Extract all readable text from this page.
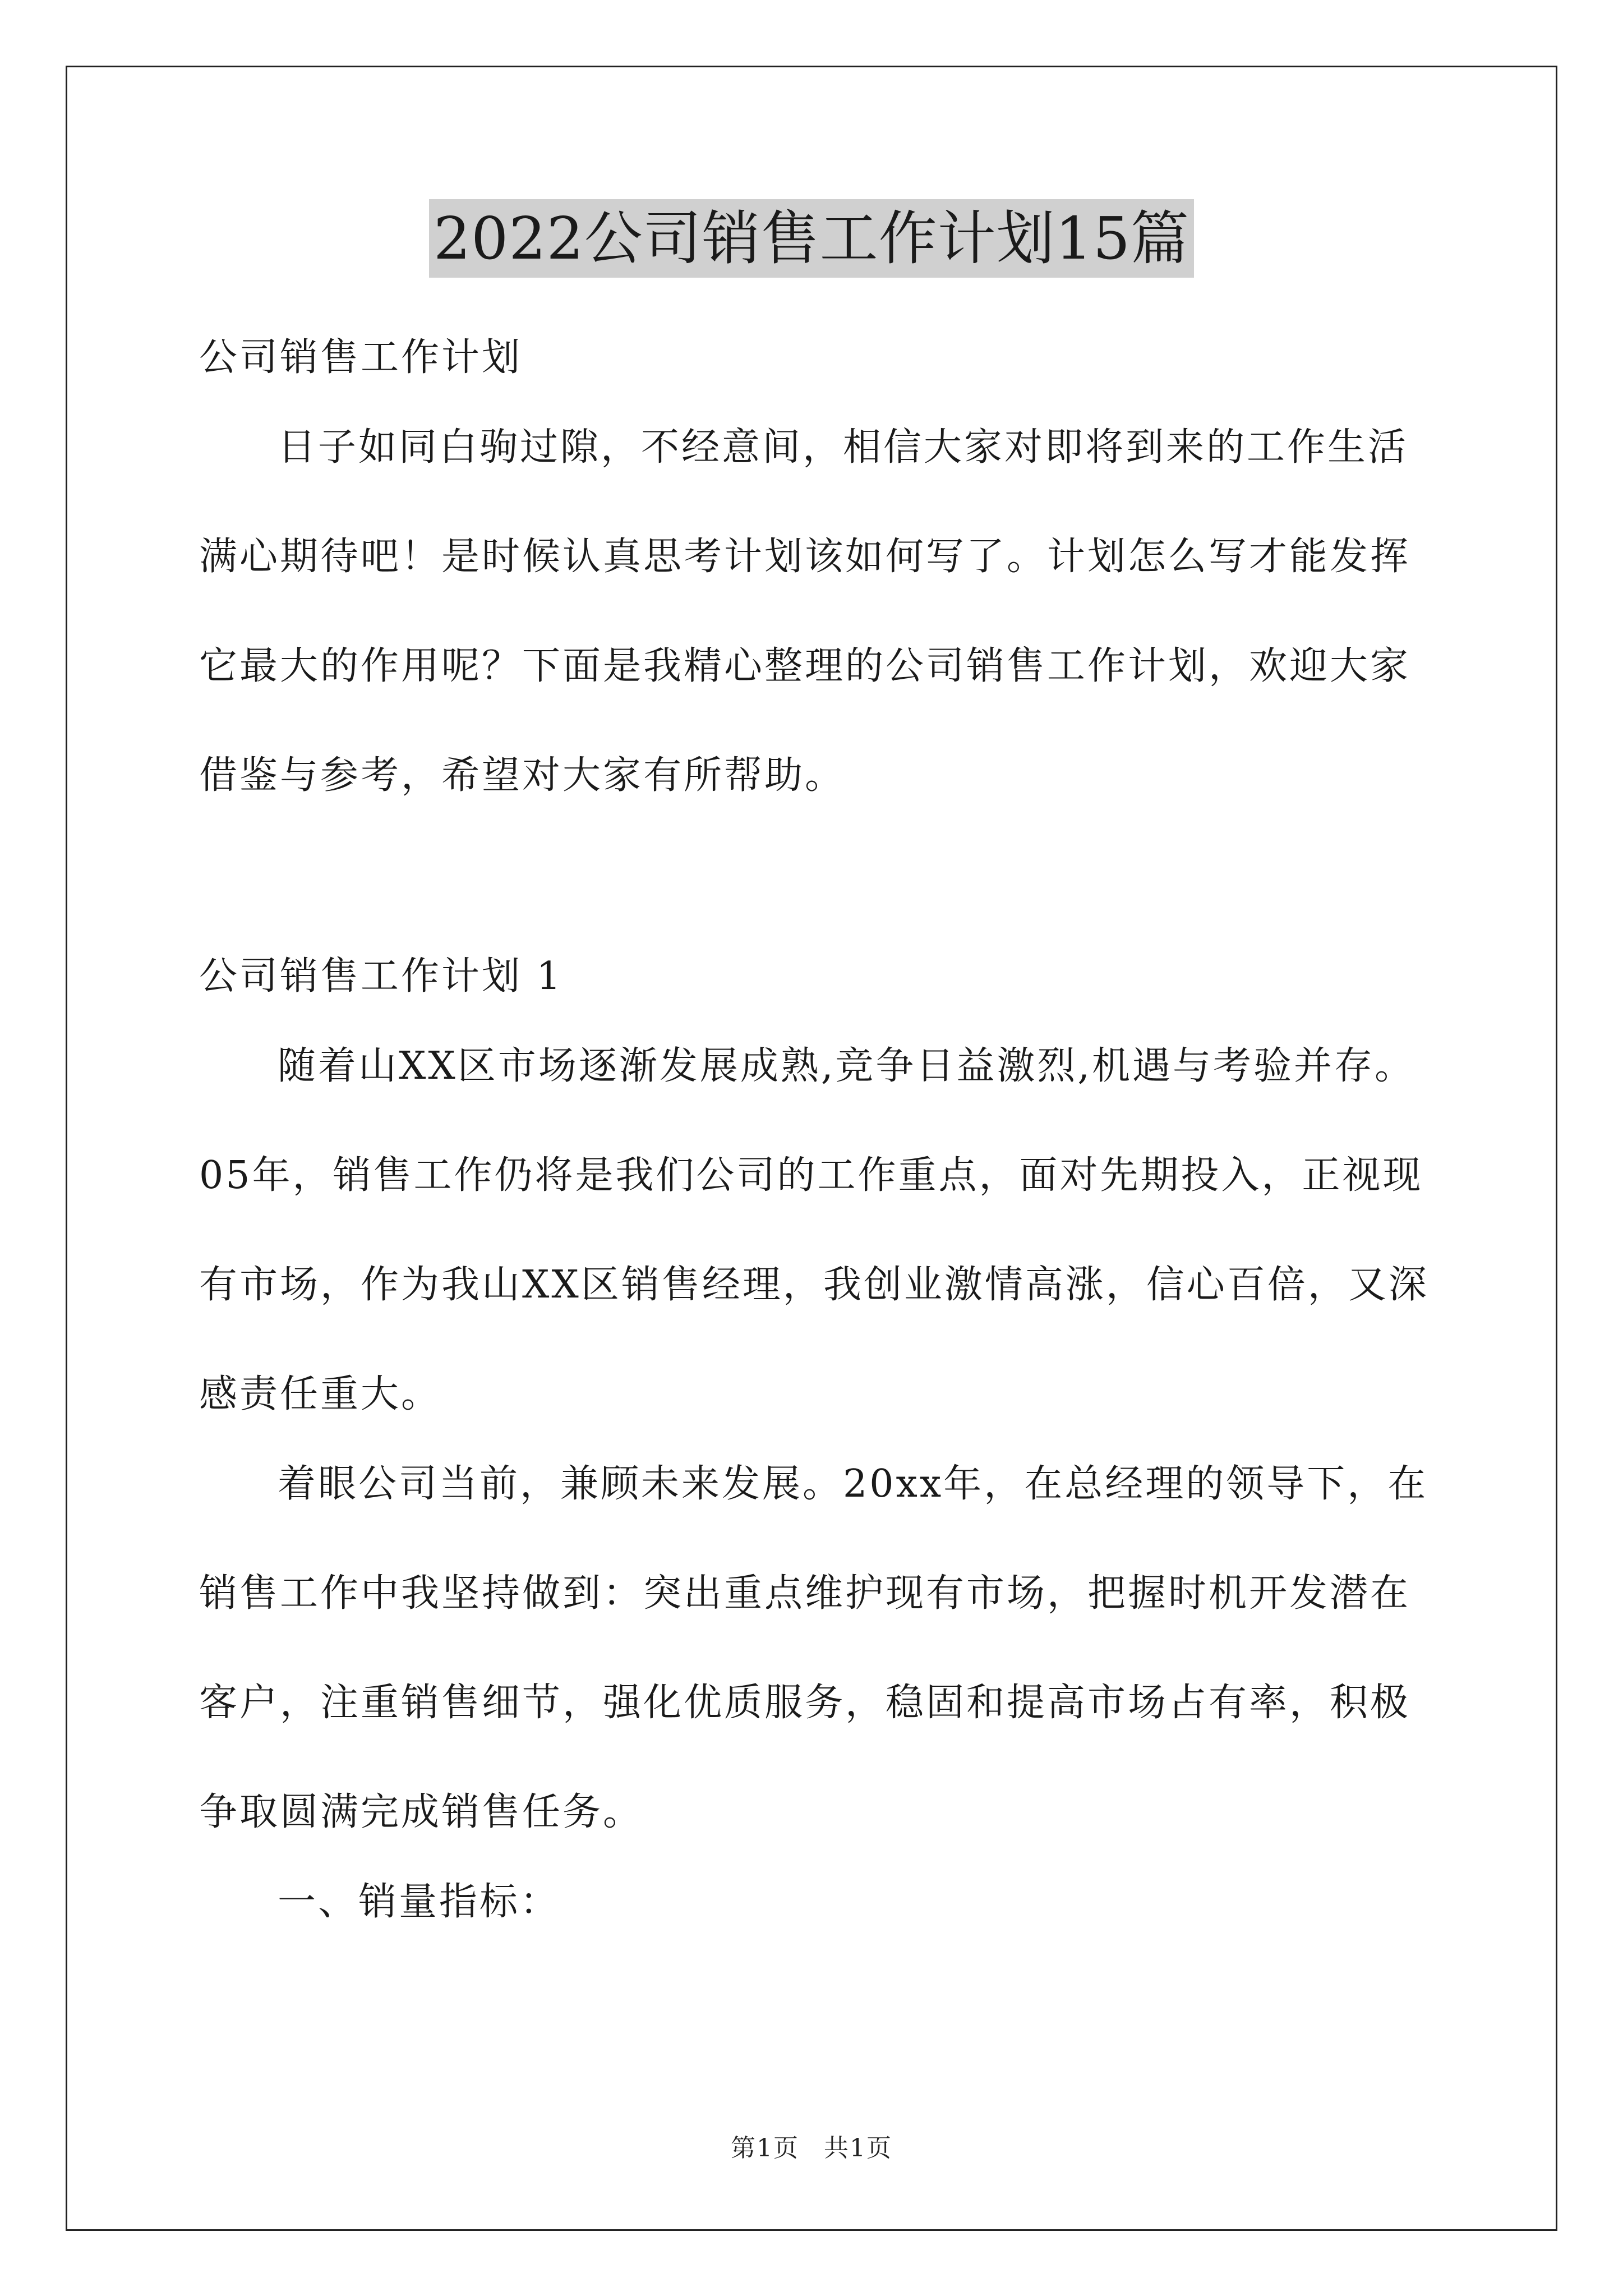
2022公司销售工作计划15篇
公司销售工作计划
日子如同白驹过隙，不经意间，相信大家对即将到来的工作生活
满心期待吧！是时候认真思考计划该如何写了。计划怎么写才能发挥
它最大的作用呢？下面是我精心整理的公司销售工作计划，欢迎大家
借鉴与参考，希望对大家有所帮助。
公司销售工作计划 1
随着山XX区市场逐渐发展成熟,竞争日益激烈,机遇与考验并存。
05年，销售工作仍将是我们公司的工作重点，面对先期投入，正视现
有市场，作为我山XX区销售经理，我创业激情高涨，信心百倍，又深
感责任重大。
着眼公司当前，兼顾未来发展。20xx年，在总经理的领导下，在
销售工作中我坚持做到：突出重点维护现有市场，把握时机开发潜在
客户，注重销售细节，强化优质服务，稳固和提高市场占有率，积极
争取圆满完成销售任务。
一、销量指标：
第1页 共1页
